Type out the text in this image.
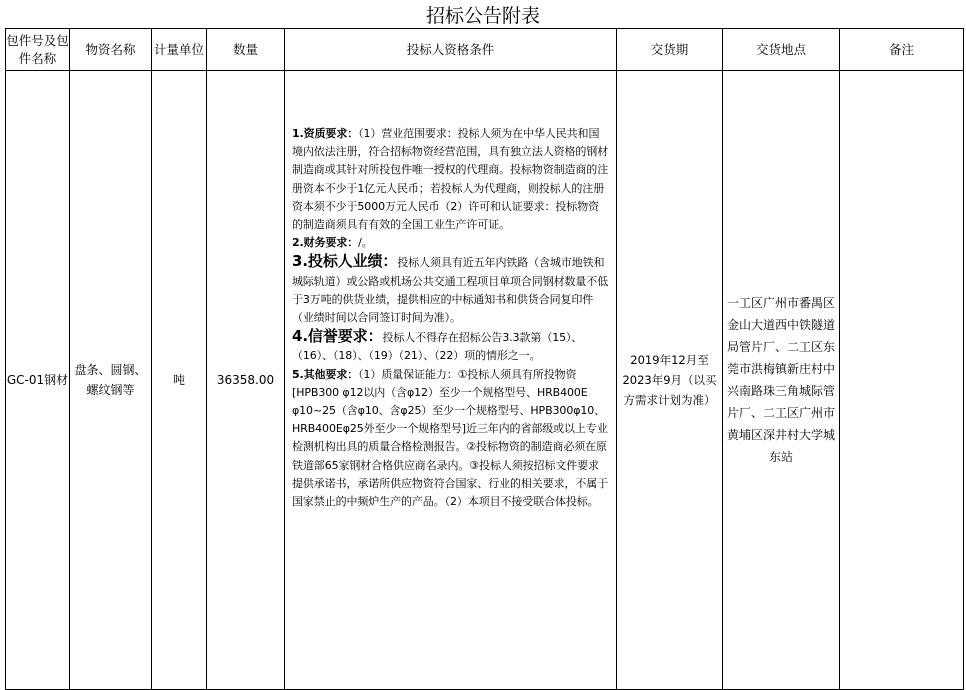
招标公告附表
包件号及包件名称	物资名称	计量单位	数量	投标人资格条件	交货期	交货地点	备注
GC-01钢材	盘条、圆钢、螺纹钢等	吨	36358.00	1.资质要求：（1）营业范围要求：投标人须为在中华人民共和国境内依法注册，符合招标物资经营范围，具有独立法人资格的钢材制造商或其针对所投包件唯一授权的代理商。投标物资制造商的注册资本不少于1亿元人民币；若投标人为代理商，则投标人的注册资本须不少于5000万元人民币（2）许可和认证要求：投标物资的制造商须具有有效的全国工业生产许可证。

2.财务要求：/。

3.投标人业绩：投标人须具有近五年内铁路（含城市地铁和城际轨道）或公路或机场公共交通工程项目单项合同钢材数量不低于3万吨的供货业绩，提供相应的中标通知书和供货合同复印件（业绩时间以合同签订时间为准）。

4.信誉要求：投标人不得存在招标公告3.3款第（15）、（16）、（18）、（19）（21）、（22）项的情形之一。

5.其他要求：（1）质量保证能力：①投标人须具有所投物资[HPB300 φ12以内（含φ12）至少一个规格型号、HRB400E φ10~25（含φ10、含φ25）至少一个规格型号、HPB300φ10、HRB400Eφ25外至少一个规格型号]近三年内的省部级或以上专业检测机构出具的质量合格检测报告。②投标物资的制造商必须在原铁道部65家钢材合格供应商名录内。③投标人须按招标文件要求提供承诺书，承诺所供应物资符合国家、行业的相关要求，不属于国家禁止的中频炉生产的产品。（2）本项目不接受联合体投标。	2019年12月至2023年9月（以买方需求计划为准）	一工区广州市番禺区金山大道西中铁隧道局管片厂、二工区东莞市洪梅镇新庄村中兴南路珠三角城际管片厂、二工区广州市黄埔区深井村大学城东站	
